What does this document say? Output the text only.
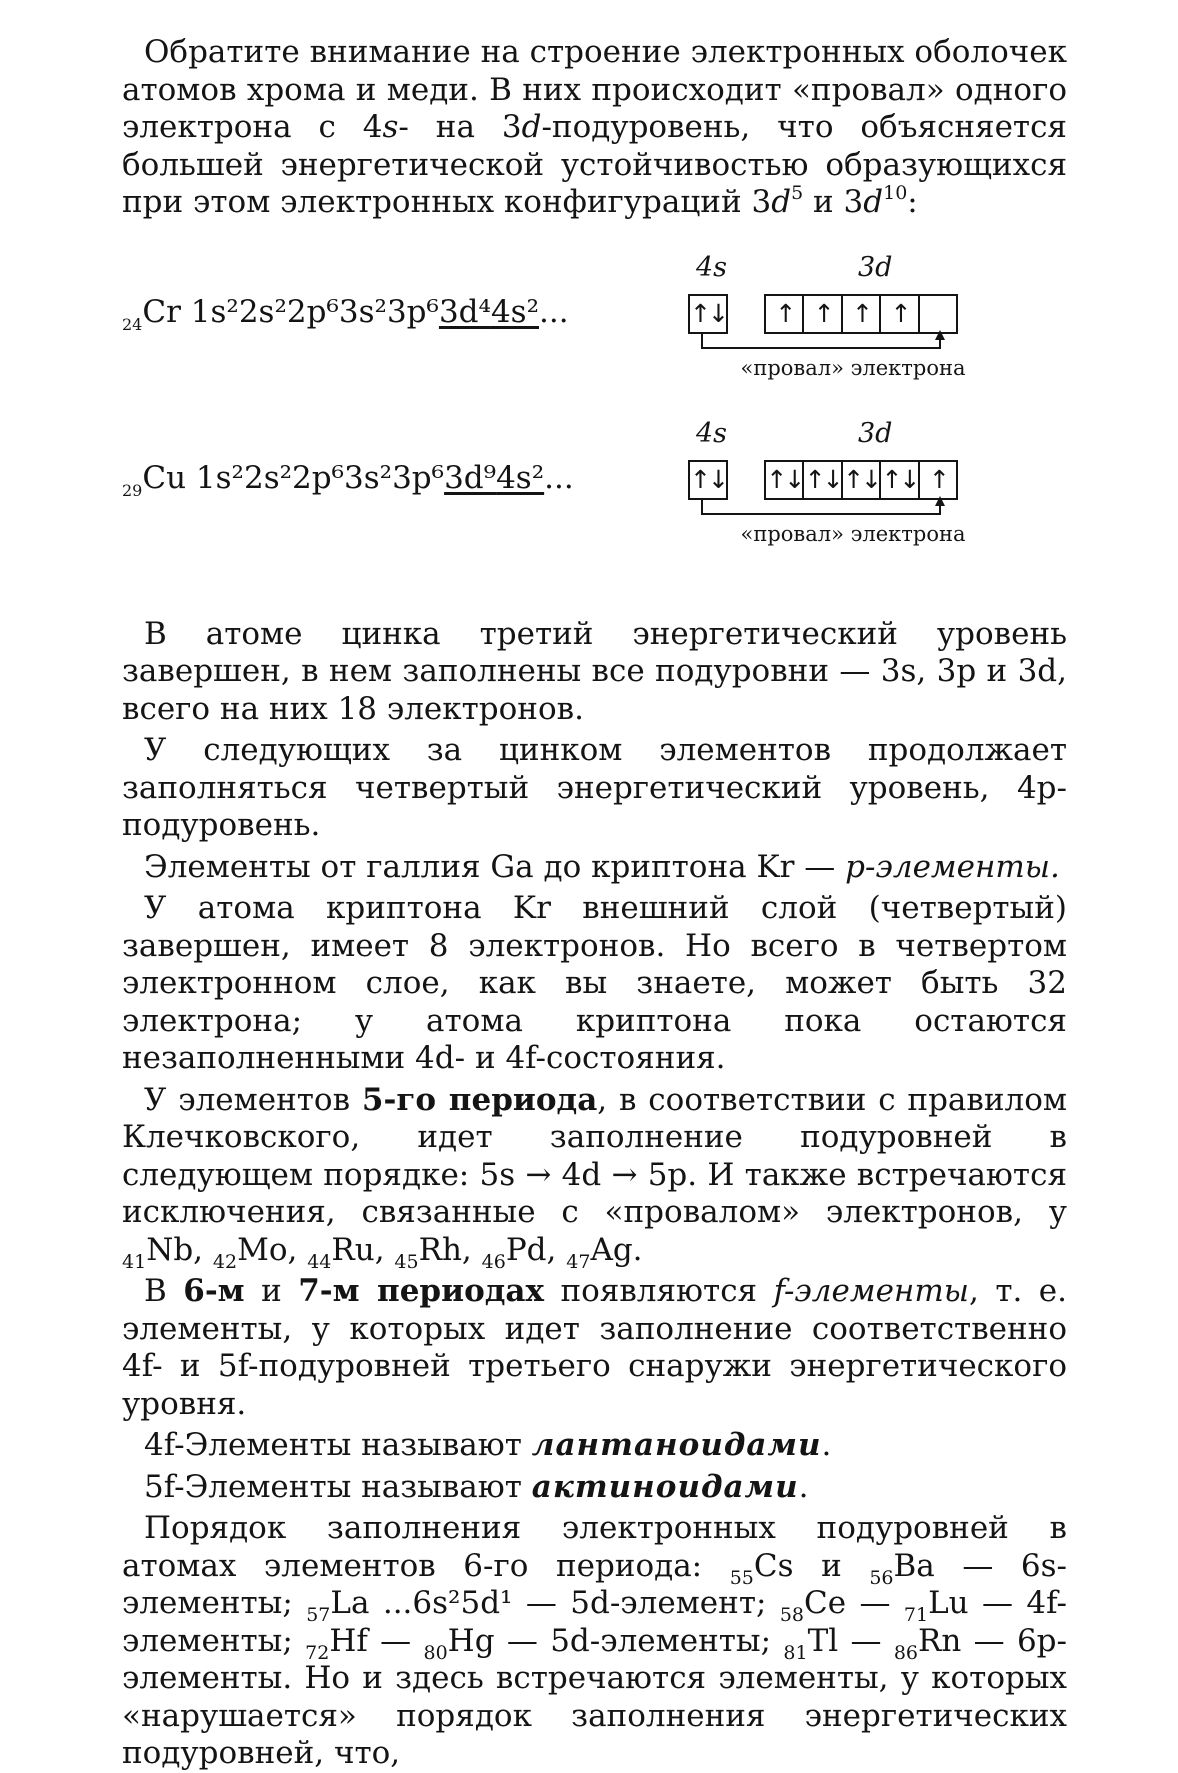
Обратите внимание на строение электронных оболочек атомов хрома и меди. В них происходит «провал» одного электрона с 4s- на 3d-подуровень, что объясняется большей энергетической устойчивостью образующихся при этом электронных конфигураций $3d^5$ и $3d^{10}$:

$_{24}$Cr 1s²2s²2p⁶3s²3p⁶3d⁴4s²...
4s	3d
↑↓	↑ ↑ ↑ ↑
«провал» электрона
$_{29}$Cu 1s²2s²2p⁶3s²3p⁶3d⁹4s²...
4s	3d
↑↓ ↑↓ ↑↓ ↑↓ ↑↓ ↑
«провал» электрона

В атоме цинка третий энергетический уровень завершен, в нем заполнены все подуровни — 3s, 3p и 3d, всего на них 18 электронов.

У следующих за цинком элементов продолжает заполняться четвертый энергетический уровень, 4p-подуровень.

Элементы от галлия Ga до криптона Kr — p-элементы.

У атома криптона Kr внешний слой (четвертый) завершен, имеет 8 электронов. Но всего в четвертом электронном слое, как вы знаете, может быть 32 электрона; у атома криптона пока остаются незаполненными 4d- и 4f-состояния.

У элементов 5-го периода, в соответствии с правилом Клечковского, идет заполнение подуровней в следующем порядке: 5s → 4d → 5p. И также встречаются исключения, связанные с «провалом» электронов, у $_{41}$Nb, $_{42}$Mo, $_{44}$Ru, $_{45}$Rh, $_{46}$Pd, $_{47}$Ag.

В 6-м и 7-м периодах появляются f-элементы, т. е. элементы, у которых идет заполнение соответственно 4f- и 5f-подуровней третьего снаружи энергетического уровня.

4f-Элементы называют лантаноидами.

5f-Элементы называют актиноидами.

Порядок заполнения электронных подуровней в атомах элементов 6-го периода: $_{55}$Cs и $_{56}$Ba — 6s-элементы; $_{57}$La ...6s²5d¹ — 5d-элемент; $_{58}$Ce — $_{71}$Lu — 4f-элементы; $_{72}$Hf — $_{80}$Hg — 5d-элементы; $_{81}$Tl — $_{86}$Rn — 6p-элементы. Но и здесь встречаются элементы, у которых «нарушается» порядок заполнения энергетических подуровней, что,
